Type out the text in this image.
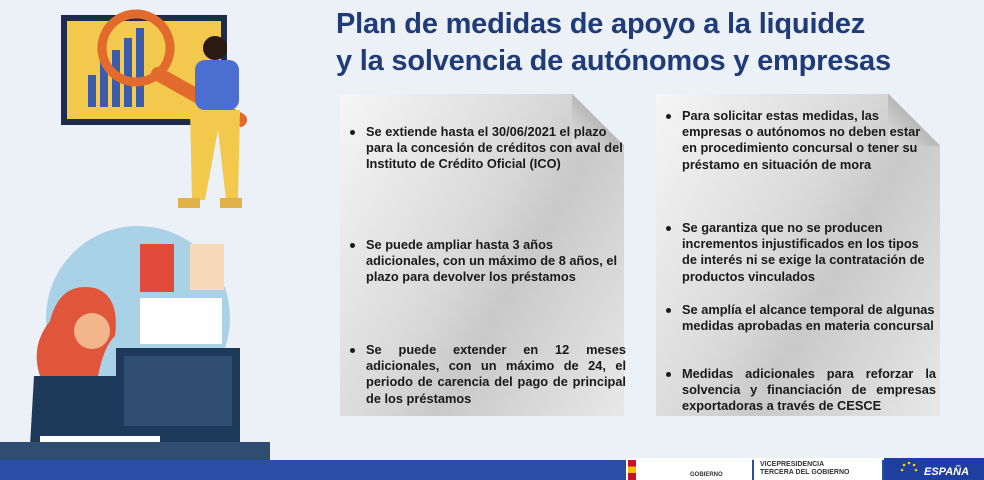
Plan de medidas de apoyo a la liquidez
y la solvencia de autónomos y empresas
Se extiende hasta el 30/06/2021 el plazo para la concesión de créditos con aval del Instituto de Crédito Oficial (ICO)
Se puede ampliar hasta 3 años adicionales, con un máximo de 8 años, el plazo para devolver los préstamos
Se puede extender en 12 meses adicionales, con un máximo de 24, el periodo de carencia del pago de principal de los préstamos
Para solicitar estas medidas, las empresas o autónomos no deben estar en procedimiento concursal o tener su préstamo en situación de mora
Se garantiza que no se producen incrementos injustificados en los tipos de interés ni se exige la contratación de productos vinculados
Se amplía el alcance temporal de algunas medidas aprobadas en materia concursal
Medidas adicionales para reforzar la solvencia y financiación de empresas exportadoras a través de CESCE
GOBIERNO
VICEPRESIDENCIA
TERCERA DEL GOBIERNO	ESPAÑA
